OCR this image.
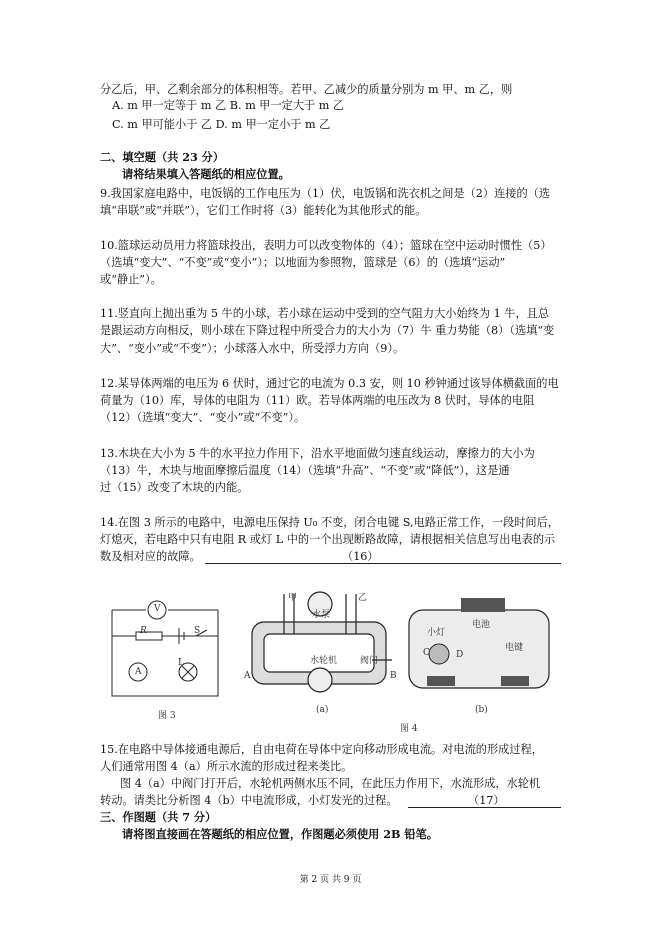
分乙后，甲、乙剩余部分的体积相等。若甲、乙减少的质量分别为 m 甲、m 乙，则
A. m 甲一定等于 m 乙 B. m 甲一定大于 m 乙
C. m 甲可能小于 乙 D. m 甲一定小于 m 乙
二、填空题（共 23 分）
请将结果填入答题纸的相应位置。
9.我国家庭电路中，电饭锅的工作电压为（1）伏，电饭锅和洗衣机之间是（2）连接的（选
填“串联”或“并联”），它们工作时将（3）能转化为其他形式的能。
10.篮球运动员用力将篮球投出，表明力可以改变物体的（4）；篮球在空中运动时惯性（5）
（选填“变大”、“不变”或“变小”）；以地面为参照物，篮球是（6）的（选填“运动”
或“静止”）。
11.竖直向上抛出重为 5 牛的小球，若小球在运动中受到的空气阻力大小始终为 1 牛，且总
是跟运动方向相反，则小球在下降过程中所受合力的大小为（7）牛 重力势能（8）（选填“变
大”、“变小”或“不变”）；小球落入水中，所受浮力方向（9）。
12.某导体两端的电压为 6 伏时，通过它的电流为 0.3 安，则 10 秒钟通过该导体横截面的电
荷量为（10）库，导体的电阻为（11）欧。若导体两端的电压改为 8 伏时，导体的电阻
（12）（选填“变大”、“变小”或“不变”）。
13.木块在大小为 5 牛的水平拉力作用下，沿水平地面做匀速直线运动，摩擦力的大小为
（13）牛，木块与地面摩擦后温度（14）（选填“升高”、“不变”或“降低”），这是通
过（15）改变了木块的内能。
14.在图 3 所示的电路中，电源电压保持 U₀ 不变，闭合电键 S,电路正常工作，一段时间后，
灯熄灭，若电路中只有电阻 R 或灯 L 中的一个出现断路故障，请根据相关信息写出电表的示
数及相对应的故障。	（16）
V
R	S
A
L
图 3
甲	乙
水泵
水轮机	阀门
A	B
(a)
小灯
电池
电键
C	D
(b)
图 4
15.在电路中导体接通电源后，自由电荷在导体中定向移动形成电流。对电流的形成过程，
人们通常用图 4（a）所示水流的形成过程来类比。
图 4（a）中阀门打开后，水轮机两侧水压不同，在此压力作用下，水流形成，水轮机
转动。请类比分析图 4（b）中电流形成，小灯发光的过程。	（17）
三、作图题（共 7 分）
请将图直接画在答题纸的相应位置，作图题必须使用 2B 铅笔。
第 2 页 共 9 页
